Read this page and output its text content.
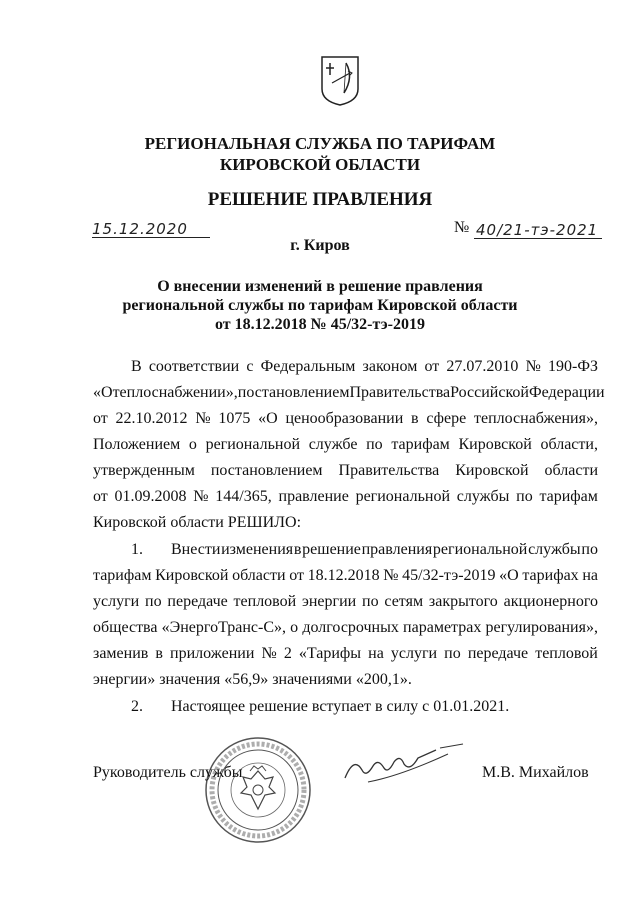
РЕГИОНАЛЬНАЯ СЛУЖБА ПО ТАРИФАМ
КИРОВСКОЙ ОБЛАСТИ
РЕШЕНИЕ ПРАВЛЕНИЯ
15.12.2020	№ 40/21-тэ-2021
г. Киров
О внесении изменений в решение правления
региональной службы по тарифам Кировской области
от 18.12.2018 № 45/32-тэ-2019
В соответствии с Федеральным законом от 27.07.2010 № 190-ФЗ
«О теплоснабжении», постановлением Правительства Российской Федерации
от 22.10.2012 № 1075 «О ценообразовании в сфере теплоснабжения»,
Положением о региональной службе по тарифам Кировской области,
утвержденным постановлением Правительства Кировской области
от 01.09.2008 № 144/365, правление региональной службы по тарифам
Кировской области РЕШИЛО:
1. Внести изменения в решение правления региональной службы по
тарифам Кировской области от 18.12.2018 № 45/32-тэ-2019 «О тарифах на
услуги по передаче тепловой энергии по сетям закрытого акционерного
общества «ЭнергоТранс-С», о долгосрочных параметрах регулирования»,
заменив в приложении № 2 «Тарифы на услуги по передаче тепловой
энергии» значения «56,9» значениями «200,1».
2. Настоящее решение вступает в силу с 01.01.2021.
Руководитель службы	М.В. Михайлов
